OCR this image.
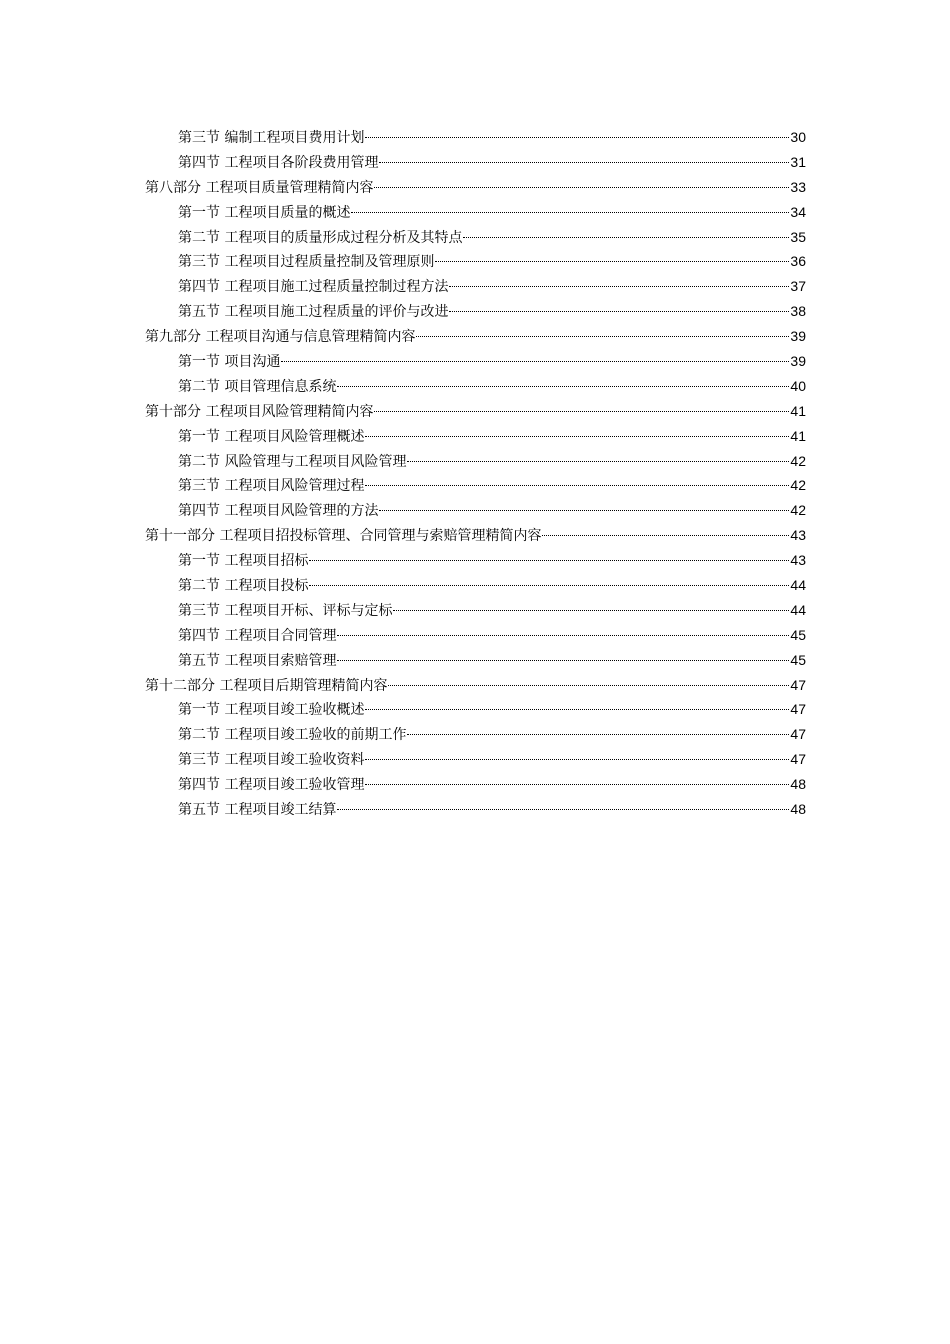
第三节 编制工程项目费用计划	30
第四节 工程项目各阶段费用管理	31
第八部分 工程项目质量管理精简内容	33
第一节 工程项目质量的概述	34
第二节 工程项目的质量形成过程分析及其特点	35
第三节 工程项目过程质量控制及管理原则	36
第四节 工程项目施工过程质量控制过程方法	37
第五节 工程项目施工过程质量的评价与改进	38
第九部分 工程项目沟通与信息管理精简内容	39
第一节 项目沟通	39
第二节 项目管理信息系统	40
第十部分 工程项目风险管理精简内容	41
第一节 工程项目风险管理概述	41
第二节 风险管理与工程项目风险管理	42
第三节 工程项目风险管理过程	42
第四节 工程项目风险管理的方法	42
第十一部分 工程项目招投标管理、合同管理与索赔管理精简内容	43
第一节 工程项目招标	43
第二节 工程项目投标	44
第三节 工程项目开标、评标与定标	44
第四节 工程项目合同管理	45
第五节 工程项目索赔管理	45
第十二部分 工程项目后期管理精简内容	47
第一节 工程项目竣工验收概述	47
第二节 工程项目竣工验收的前期工作	47
第三节 工程项目竣工验收资料	47
第四节 工程项目竣工验收管理	48
第五节 工程项目竣工结算	48
